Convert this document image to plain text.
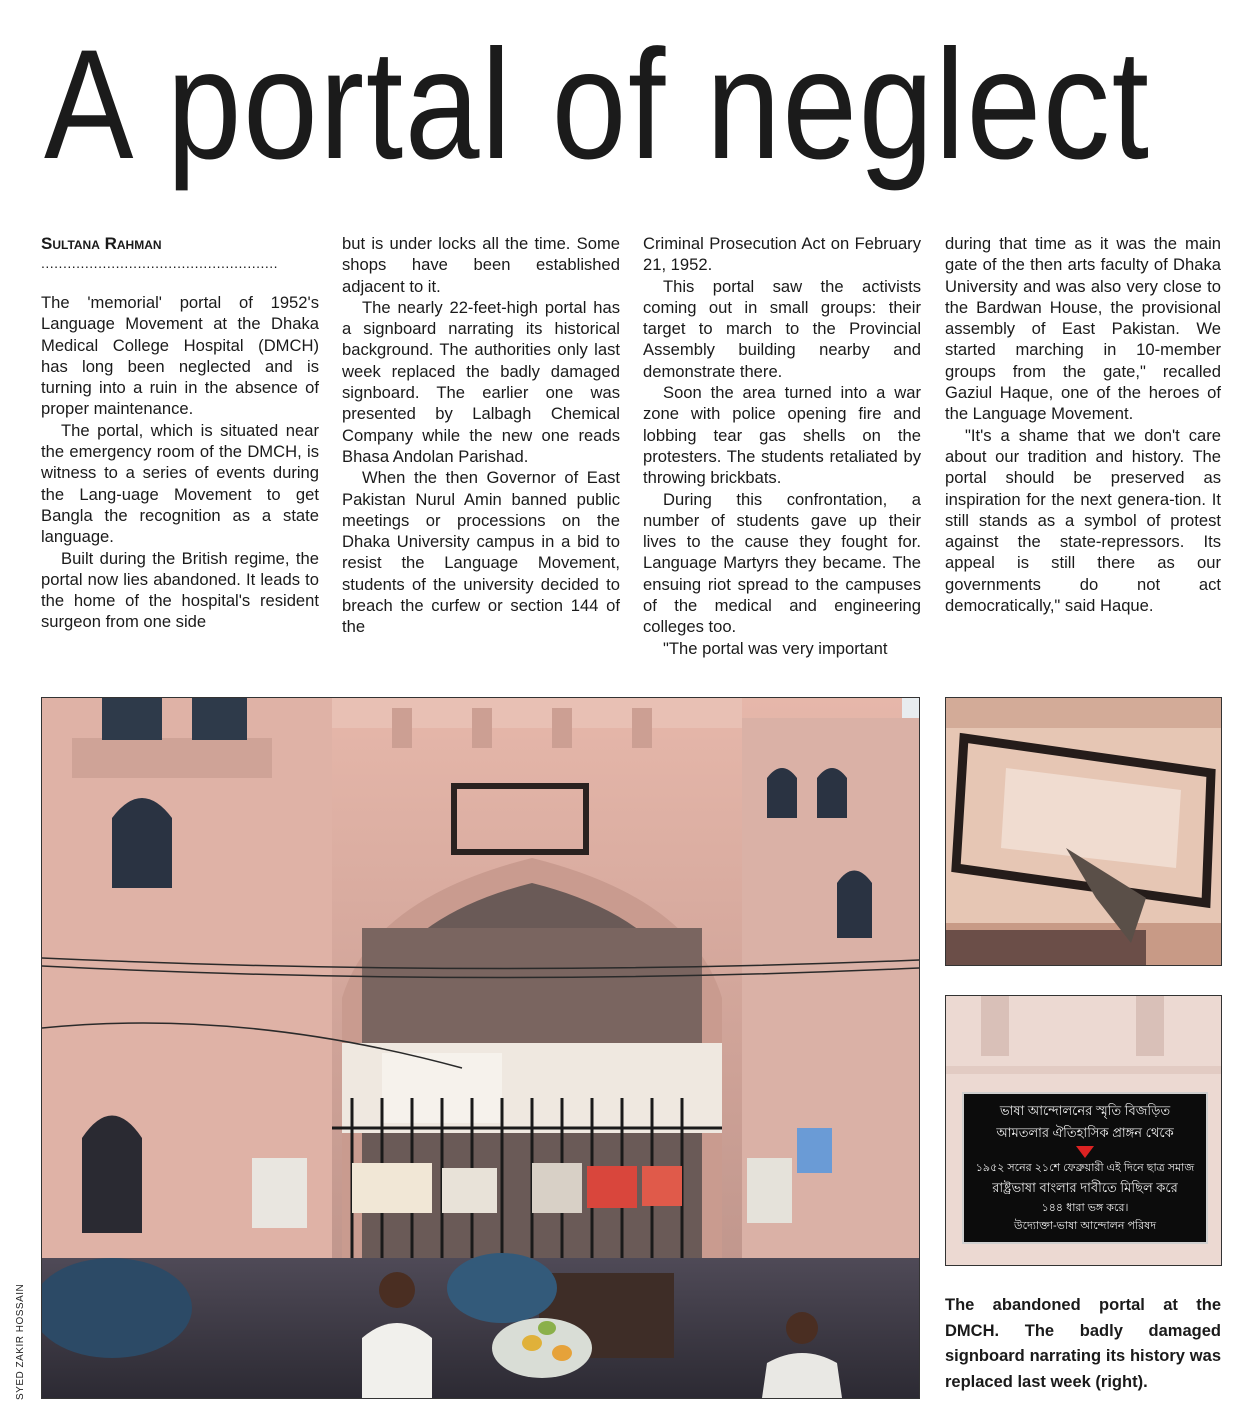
A portal of neglect
Sultana Rahman
......................................................

The 'memorial' portal of 1952's Language Movement at the Dhaka Medical College Hospital (DMCH) has long been neglected and is turning into a ruin in the absence of proper maintenance.

The portal, which is situated near the emergency room of the DMCH, is witness to a series of events during the Lang-uage Movement to get Bangla the recognition as a state language.

Built during the British regime, the portal now lies abandoned. It leads to the home of the hospital's resident surgeon from one side

but is under locks all the time. Some shops have been established adjacent to it.

The nearly 22-feet-high portal has a signboard narrating its historical background. The authorities only last week replaced the badly damaged signboard. The earlier one was presented by Lalbagh Chemical Company while the new one reads Bhasa Andolan Parishad.

When the then Governor of East Pakistan Nurul Amin banned public meetings or processions on the Dhaka University campus in a bid to resist the Language Movement, students of the university decided to breach the curfew or section 144 of the

Criminal Prosecution Act on February 21, 1952.

This portal saw the activists coming out in small groups: their target to march to the Provincial Assembly building nearby and demonstrate there.

Soon the area turned into a war zone with police opening fire and lobbing tear gas shells on the protesters. The students retaliated by throwing brickbats.

During this confrontation, a number of students gave up their lives to the cause they fought for. Language Martyrs they became. The ensuing riot spread to the campuses of the medical and engineering colleges too.

"The portal was very important

during that time as it was the main gate of the then arts faculty of Dhaka University and was also very close to the Bardwan House, the provisional assembly of East Pakistan. We started marching in 10-member groups from the gate," recalled Gaziul Haque, one of the heroes of the Language Movement.

"It's a shame that we don't care about our tradition and history. The portal should be preserved as inspiration for the next genera-tion. It still stands as a symbol of protest against the state-repressors. Its appeal is still there as our governments do not act democratically," said Haque.

ভাষা আন্দোলনের স্মৃতি বিজড়িত
আমতলার ঐতিহাসিক প্রাঙ্গন থেকে
১৯৫২ সনের ২১শে ফেব্রুয়ারী এই দিনে ছাত্র সমাজ
রাষ্ট্রভাষা বাংলার দাবীতে মিছিল করে
১৪৪ ধারা ভঙ্গ করে।
উদ্যোক্তা-ভাষা আন্দোলন পরিষদ
SYED ZAKIR HOSSAIN	The abandoned portal at the DMCH. The badly damaged signboard narrating its history was replaced last week (right).
